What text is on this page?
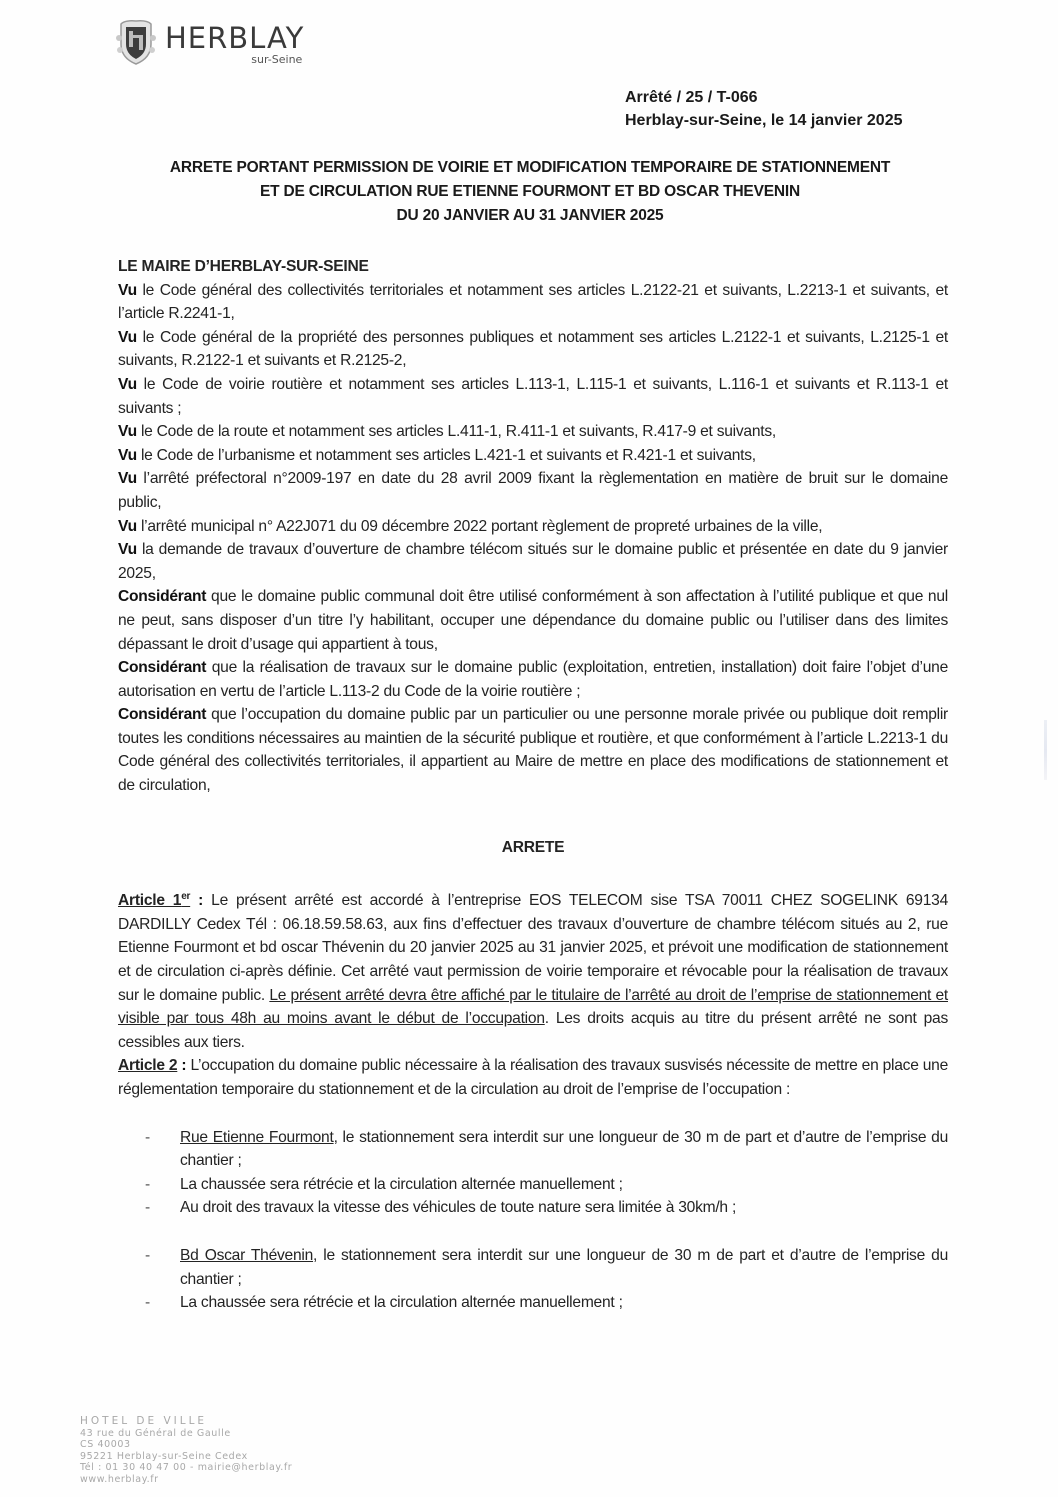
HERBLAY
sur-Seine
Arrêté / 25 / T-066
Herblay-sur-Seine, le 14 janvier 2025
ARRETE PORTANT PERMISSION DE VOIRIE ET MODIFICATION TEMPORAIRE DE STATIONNEMENT
ET DE CIRCULATION RUE ETIENNE FOURMONT ET BD OSCAR THEVENIN
DU 20 JANVIER AU 31 JANVIER 2025
LE MAIRE D’HERBLAY-SUR-SEINE

Vu le Code général des collectivités territoriales et notamment ses articles L.2122-21 et suivants, L.2213-1 et suivants, et l’article R.2241-1,

Vu le Code général de la propriété des personnes publiques et notamment ses articles L.2122-1 et suivants, L.2125-1 et suivants, R.2122-1 et suivants et R.2125-2,

Vu le Code de voirie routière et notamment ses articles L.113-1, L.115-1 et suivants, L.116-1 et suivants et R.113-1 et suivants ;

Vu le Code de la route et notamment ses articles L.411-1, R.411-1 et suivants, R.417-9 et suivants,

Vu le Code de l’urbanisme et notamment ses articles L.421-1 et suivants et R.421-1 et suivants,

Vu l’arrêté préfectoral n°2009-197 en date du 28 avril 2009 fixant la règlementation en matière de bruit sur le domaine public,

Vu l’arrêté municipal n° A22J071 du 09 décembre 2022 portant règlement de propreté urbaines de la ville,

Vu la demande de travaux d’ouverture de chambre télécom situés sur le domaine public et présentée en date du 9 janvier 2025,

Considérant que le domaine public communal doit être utilisé conformément à son affectation à l’utilité publique et que nul ne peut, sans disposer d’un titre l’y habilitant, occuper une dépendance du domaine public ou l’utiliser dans des limites dépassant le droit d’usage qui appartient à tous,

Considérant que la réalisation de travaux sur le domaine public (exploitation, entretien, installation) doit faire l’objet d’une autorisation en vertu de l’article L.113-2 du Code de la voirie routière ;

Considérant que l’occupation du domaine public par un particulier ou une personne morale privée ou publique doit remplir toutes les conditions nécessaires au maintien de la sécurité publique et routière, et que conformément à l’article L.2213-1 du Code général des collectivités territoriales, il appartient au Maire de mettre en place des modifications de stationnement et de circulation,

ARRETE

Article 1er : Le présent arrêté est accordé à l’entreprise EOS TELECOM sise TSA 70011 CHEZ SOGELINK 69134 DARDILLY Cedex Tél : 06.18.59.58.63, aux fins d’effectuer des travaux d’ouverture de chambre télécom situés au 2, rue Etienne Fourmont et bd oscar Thévenin du 20 janvier 2025 au 31 janvier 2025, et prévoit une modification de stationnement et de circulation ci-après définie. Cet arrêté vaut permission de voirie temporaire et révocable pour la réalisation de travaux sur le domaine public. Le présent arrêté devra être affiché par le titulaire de l’arrêté au droit de l’emprise de stationnement et visible par tous 48h au moins avant le début de l’occupation. Les droits acquis au titre du présent arrêté ne sont pas cessibles aux tiers.

Article 2 : L’occupation du domaine public nécessaire à la réalisation des travaux susvisés nécessite de mettre en place une réglementation temporaire du stationnement et de la circulation au droit de l’emprise de l’occupation :

- Rue Etienne Fourmont, le stationnement sera interdit sur une longueur de 30 m de part et d’autre de l’emprise du chantier ;
- La chaussée sera rétrécie et la circulation alternée manuellement ;
- Au droit des travaux la vitesse des véhicules de toute nature sera limitée à 30km/h ;
- Bd Oscar Thévenin, le stationnement sera interdit sur une longueur de 30 m de part et d’autre de l’emprise du chantier ;
- La chaussée sera rétrécie et la circulation alternée manuellement ;
HOTEL DE VILLE
43 rue du Général de Gaulle
CS 40003
95221 Herblay-sur-Seine Cedex
Tél : 01 30 40 47 00 - mairie@herblay.fr
www.herblay.fr
